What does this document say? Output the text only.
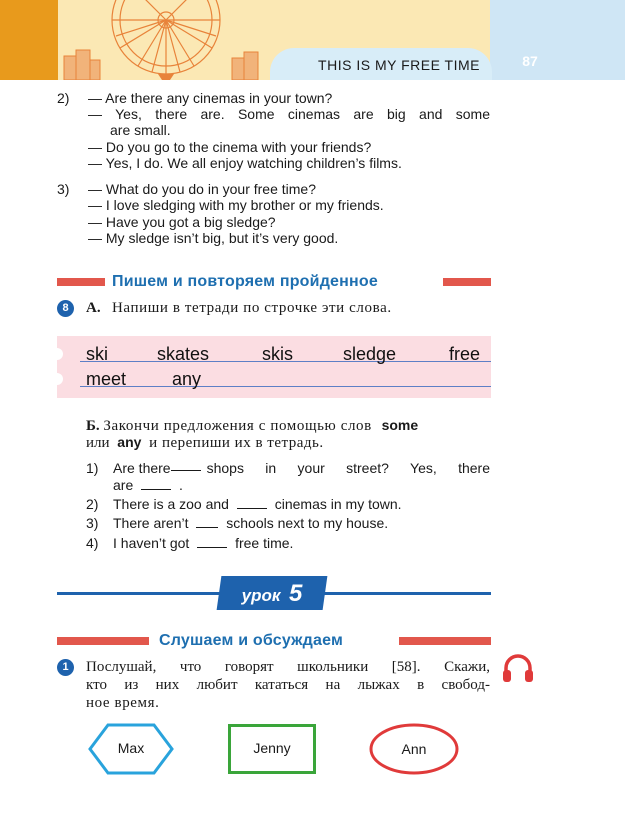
THIS IS MY FREE TIME	87
2) — Are there any cinemas in your town?
— Yes, there are. Some cinemas are big and some
are small.
— Do you go to the cinema with your friends?
— Yes, I do. We all enjoy watching children’s films.
3) — What do you do in your free time?
— I love sledging with my brother or my friends.
— Have you got a big sledge?
— My sledge isn’t big, but it’s very good.
Пишем и повторяем пройденное
8	А. Напиши в тетради по строчке эти слова.
ski	skates	skis	sledge	free
meet	any
Б. Закончи предложения с помощью слов some
или any и перепиши их в тетрадь.
1) Are there	shops in your street? Yes, there
are	.
2) There is a zoo and	cinemas in my town.
3) There aren’t	schools next to my house.
4) I haven’t got	free time.
урок 5
Слушаем и обсуждаем
1	Послушай, что говорят школьники [58]. Скажи,
кто из них любит кататься на лыжах в свобод-
ное время.
Max	Jenny	Ann
